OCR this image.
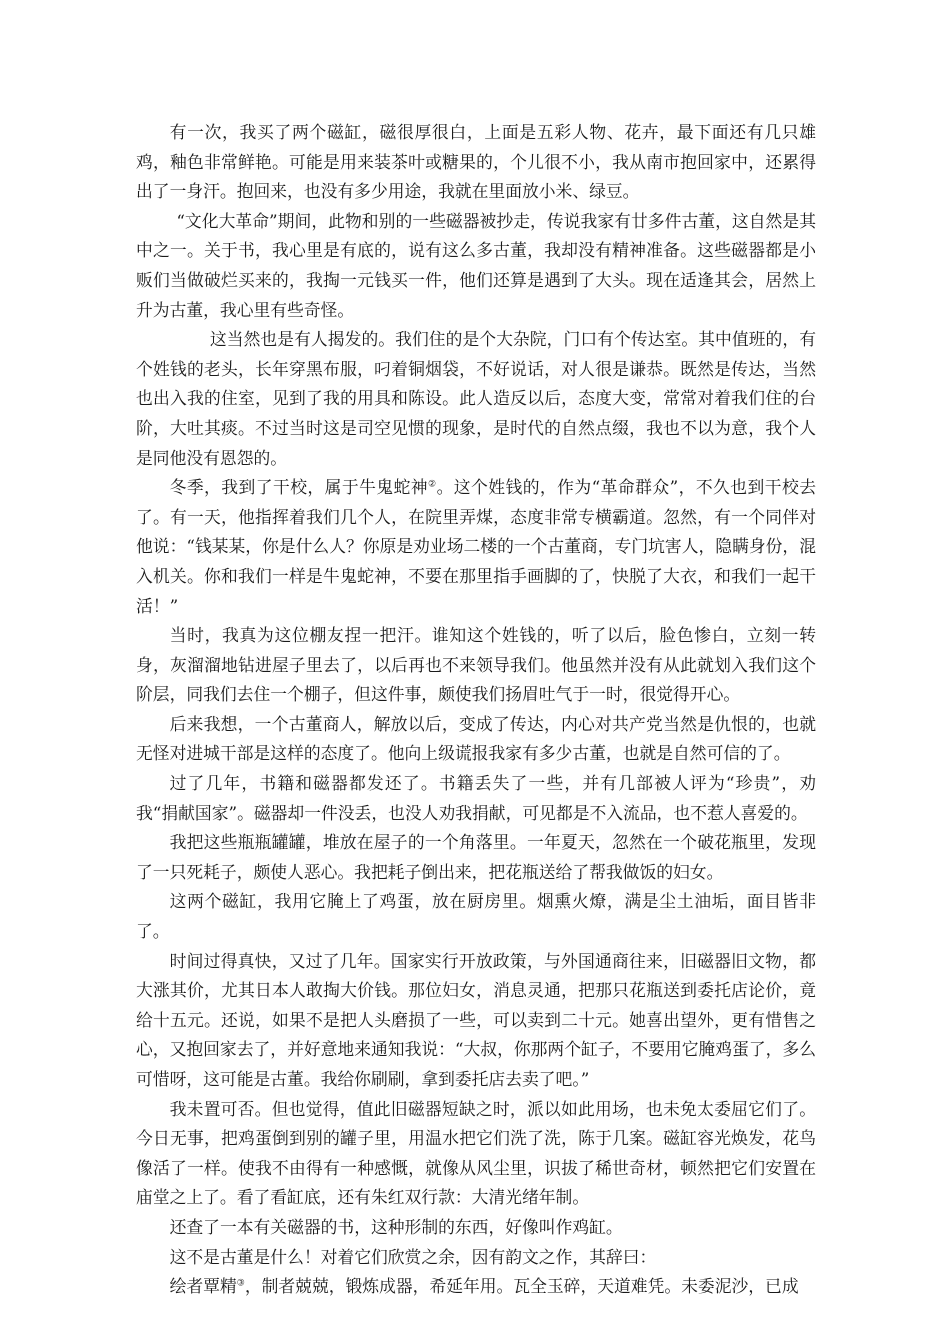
有一次，我买了两个磁缸，磁很厚很白，上面是五彩人物、花卉，最下面还有几只雄鸡，釉色非常鲜艳。可能是用来装茶叶或糖果的，个儿很不小，我从南市抱回家中，还累得出了一身汗。抱回来，也没有多少用途，我就在里面放小米、绿豆。

“文化大革命”期间，此物和别的一些磁器被抄走，传说我家有廿多件古董，这自然是其中之一。关于书，我心里是有底的，说有这么多古董，我却没有精神准备。这些磁器都是小贩们当做破烂买来的，我掏一元钱买一件，他们还算是遇到了大头。现在适逢其会，居然上升为古董，我心里有些奇怪。

这当然也是有人揭发的。我们住的是个大杂院，门口有个传达室。其中值班的，有个姓钱的老头，长年穿黑布服，叼着铜烟袋，不好说话，对人很是谦恭。既然是传达，当然也出入我的住室，见到了我的用具和陈设。此人造反以后，态度大变，常常对着我们住的台阶，大吐其痰。不过当时这是司空见惯的现象，是时代的自然点缀，我也不以为意，我个人是同他没有恩怨的。

冬季，我到了干校，属于牛鬼蛇神②。这个姓钱的，作为“革命群众”，不久也到干校去了。有一天，他指挥着我们几个人，在院里弄煤，态度非常专横霸道。忽然，有一个同伴对他说：“钱某某，你是什么人？你原是劝业场二楼的一个古董商，专门坑害人，隐瞒身份，混入机关。你和我们一样是牛鬼蛇神，不要在那里指手画脚的了，快脱了大衣，和我们一起干活！”

当时，我真为这位棚友捏一把汗。谁知这个姓钱的，听了以后，脸色惨白，立刻一转身，灰溜溜地钻进屋子里去了，以后再也不来领导我们。他虽然并没有从此就划入我们这个阶层，同我们去住一个棚子，但这件事，颇使我们扬眉吐气于一时，很觉得开心。

后来我想，一个古董商人，解放以后，变成了传达，内心对共产党当然是仇恨的，也就无怪对进城干部是这样的态度了。他向上级谎报我家有多少古董，也就是自然可信的了。

过了几年，书籍和磁器都发还了。书籍丢失了一些，并有几部被人评为“珍贵”，劝我“捐献国家”。磁器却一件没丢，也没人劝我捐献，可见都是不入流品，也不惹人喜爱的。

我把这些瓶瓶罐罐，堆放在屋子的一个角落里。一年夏天，忽然在一个破花瓶里，发现了一只死耗子，颇使人恶心。我把耗子倒出来，把花瓶送给了帮我做饭的妇女。

这两个磁缸，我用它腌上了鸡蛋，放在厨房里。烟熏火燎，满是尘土油垢，面目皆非了。

时间过得真快，又过了几年。国家实行开放政策，与外国通商往来，旧磁器旧文物，都大涨其价，尤其日本人敢掏大价钱。那位妇女，消息灵通，把那只花瓶送到委托店论价，竟给十五元。还说，如果不是把人头磨损了一些，可以卖到二十元。她喜出望外，更有惜售之心，又抱回家去了，并好意地来通知我说：“大叔，你那两个缸子，不要用它腌鸡蛋了，多么可惜呀，这可能是古董。我给你刷刷，拿到委托店去卖了吧。”

我未置可否。但也觉得，值此旧磁器短缺之时，派以如此用场，也未免太委屈它们了。今日无事，把鸡蛋倒到别的罐子里，用温水把它们洗了洗，陈于几案。磁缸容光焕发，花鸟像活了一样。使我不由得有一种感慨，就像从风尘里，识拔了稀世奇材，顿然把它们安置在庙堂之上了。看了看缸底，还有朱红双行款：大清光绪年制。

还查了一本有关磁器的书，这种形制的东西，好像叫作鸡缸。

这不是古董是什么！对着它们欣赏之余，因有韵文之作，其辞曰：

绘者覃精③，制者兢兢，锻炼成器，希延年用。瓦全玉碎，天道难凭。未委泥沙，已成
